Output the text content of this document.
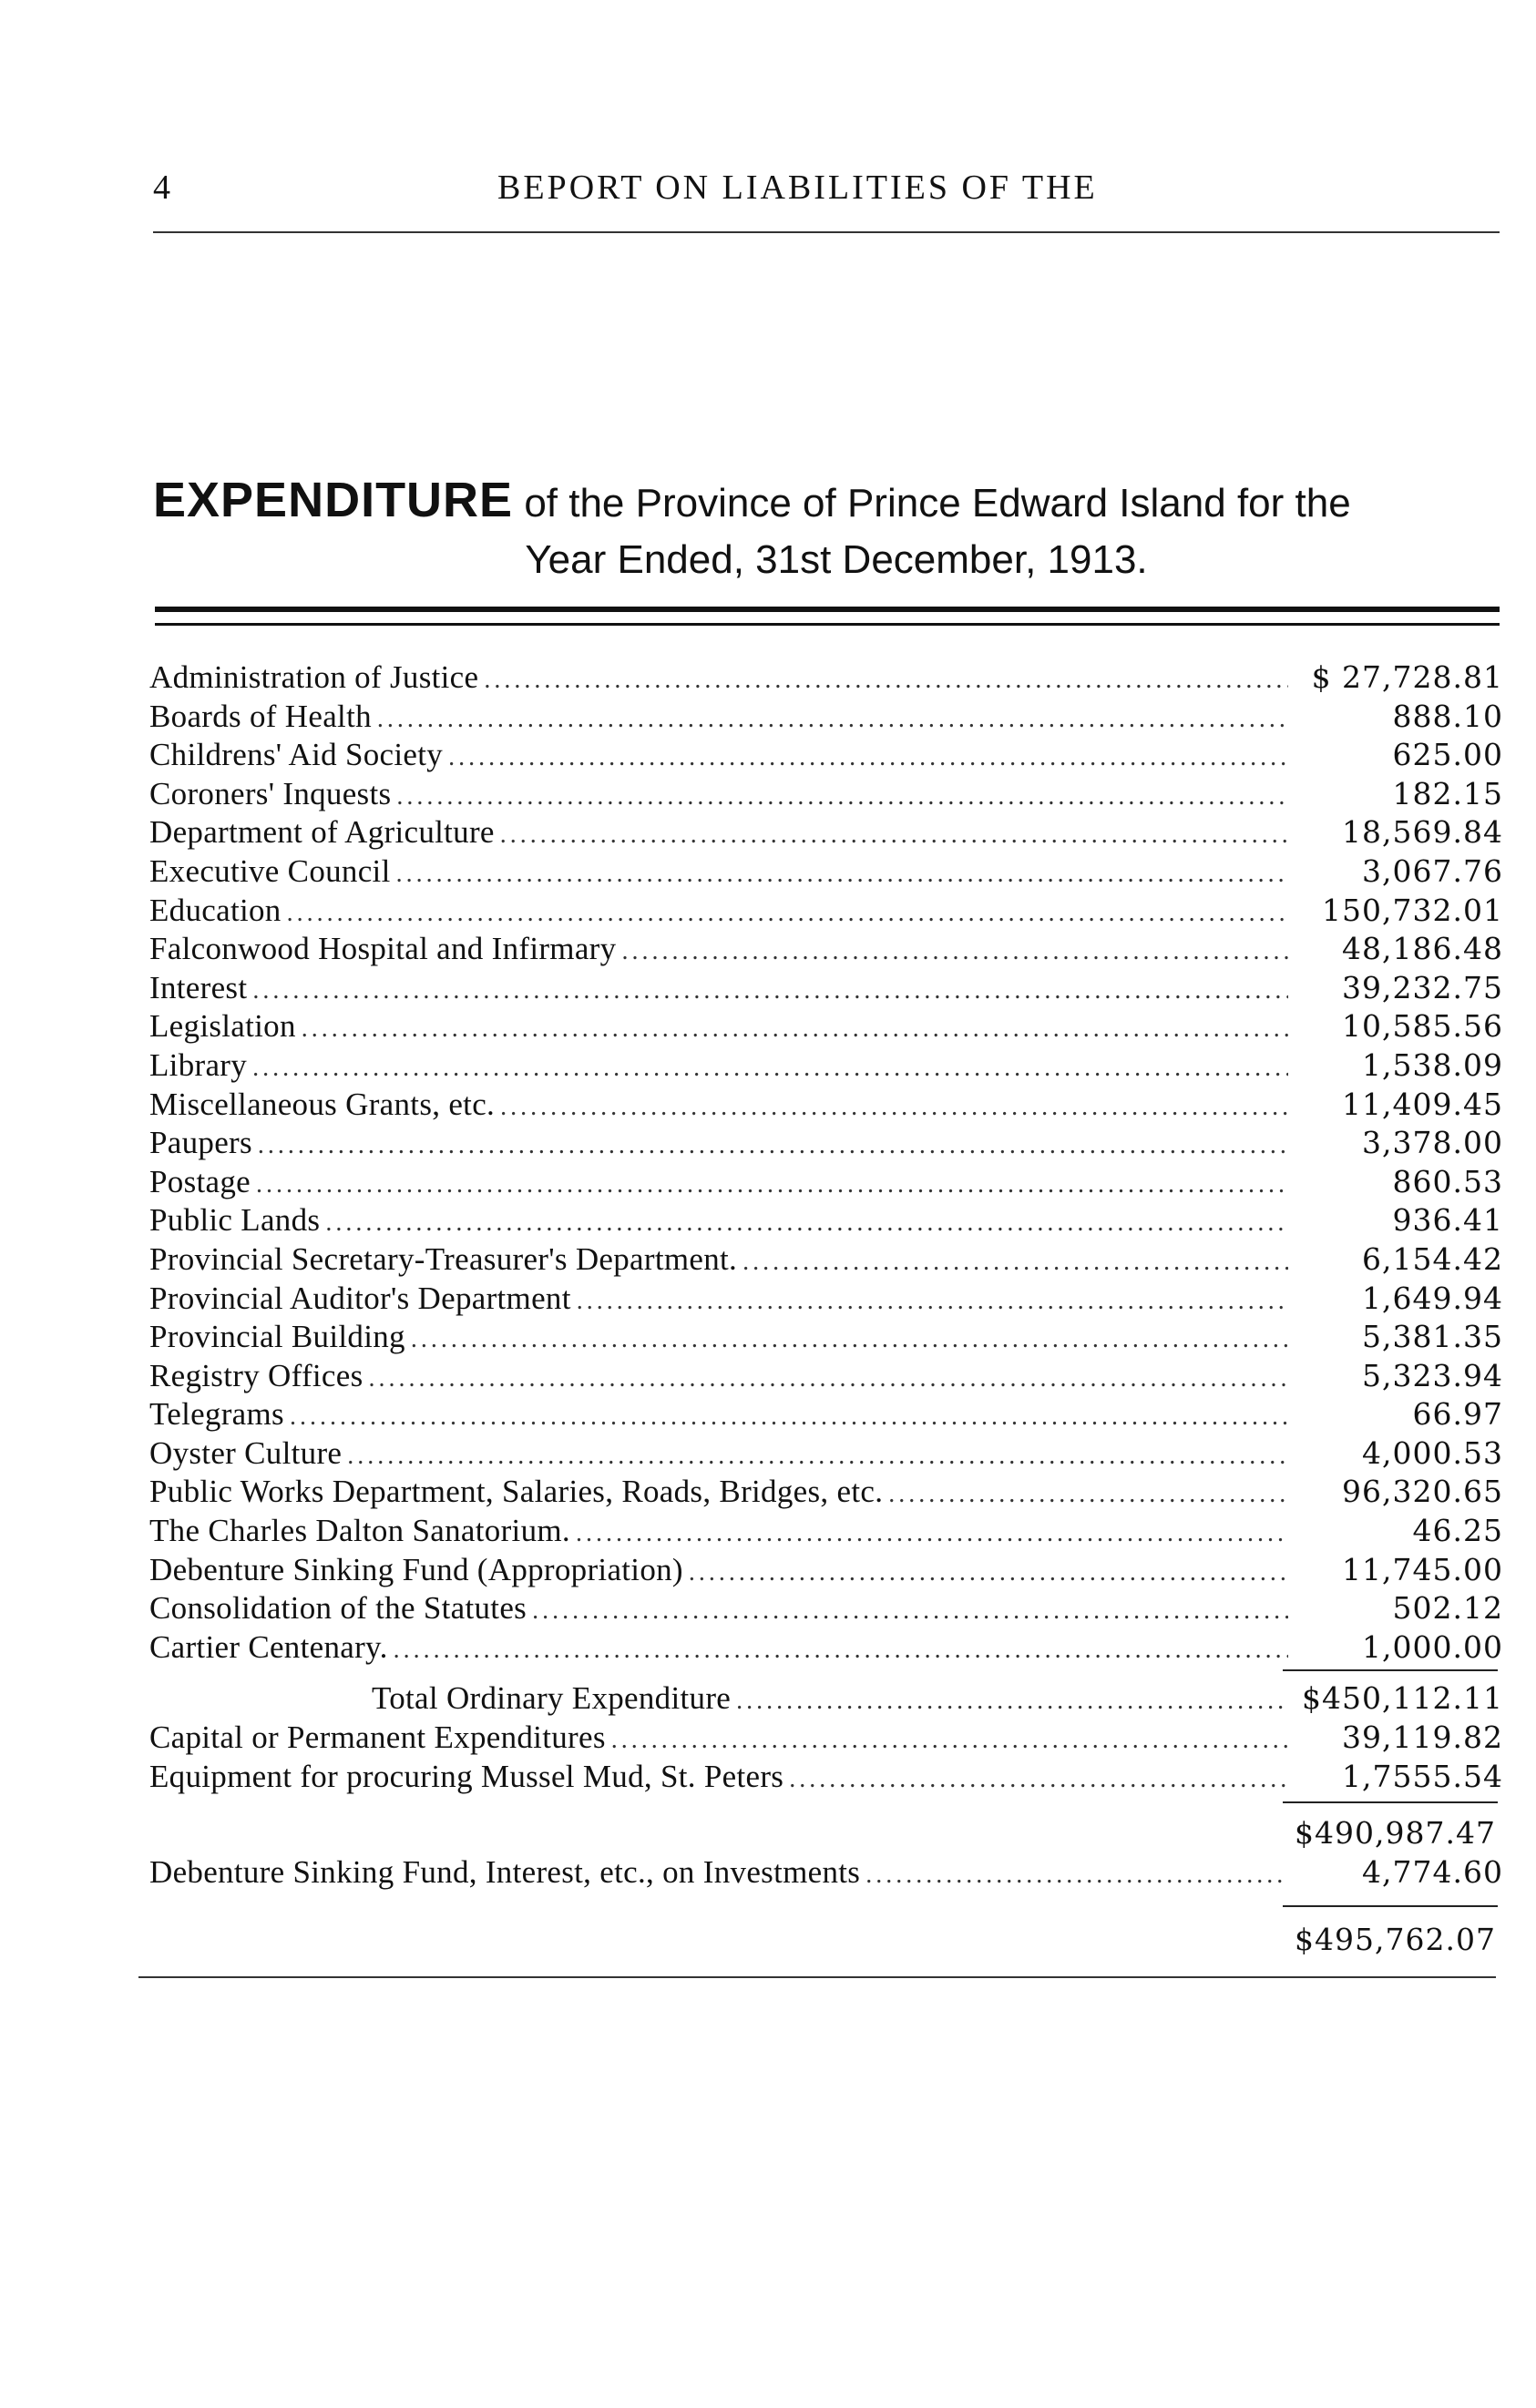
4	BEPORT ON LIABILITIES OF THE
EXPENDITURE of the Province of Prince Edward Island for the
Year Ended, 31st December, 1913.
Administration of Justice .....	$ 27,728.81
Boards of Health .....	888.10
Childrens' Aid Society .....	625.00
Coroners' Inquests .....	182.15
Department of Agriculture .....	18,569.84
Executive Council .....	3,067.76
Education .....	150,732.01
Falconwood Hospital and Infirmary .....	48,186.48
Interest .....	39,232.75
Legislation .....	10,585.56
Library .....	1,538.09
Miscellaneous Grants, etc. .....	11,409.45
Paupers .....	3,378.00
Postage .....	860.53
Public Lands .....	936.41
Provincial Secretary-Treasurer's Department. .....	6,154.42
Provincial Auditor's Department .....	1,649.94
Provincial Building .....	5,381.35
Registry Offices .....	5,323.94
Telegrams .....	66.97
Oyster Culture .....	4,000.53
Public Works Department, Salaries, Roads, Bridges, etc. .....	96,320.65
The Charles Dalton Sanatorium. .....	46.25
Debenture Sinking Fund (Appropriation) .....	11,745.00
Consolidation of the Statutes .....	502.12
Cartier Centenary. .....	1,000.00
Total Ordinary Expenditure .....	$450,112.11
Capital or Permanent Expenditures .....	39,119.82
Equipment for procuring Mussel Mud, St. Peters .....	1,7555.54
$490,987.47
Debenture Sinking Fund, Interest, etc., on Investments .....	4,774.60
$495,762.07
